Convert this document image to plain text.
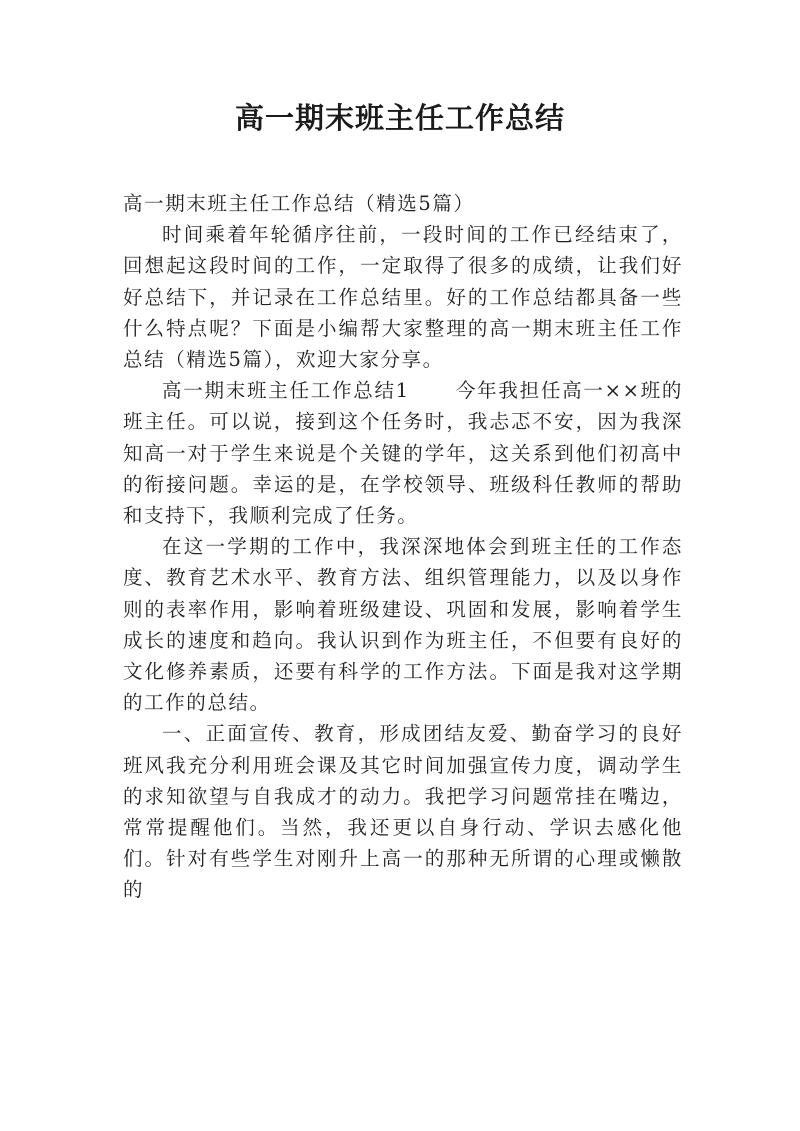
高一期末班主任工作总结

高一期末班主任工作总结（精选5篇）

时间乘着年轮循序往前，一段时间的工作已经结束了，回想起这段时间的工作，一定取得了很多的成绩，让我们好好总结下，并记录在工作总结里。好的工作总结都具备一些什么特点呢？下面是小编帮大家整理的高一期末班主任工作总结（精选5篇），欢迎大家分享。

高一期末班主任工作总结1 今年我担任高一××班的班主任。可以说，接到这个任务时，我忐忑不安，因为我深知高一对于学生来说是个关键的学年，这关系到他们初高中的衔接问题。幸运的是，在学校领导、班级科任教师的帮助和支持下，我顺利完成了任务。

在这一学期的工作中，我深深地体会到班主任的工作态度、教育艺术水平、教育方法、组织管理能力，以及以身作则的表率作用，影响着班级建设、巩固和发展，影响着学生成长的速度和趋向。我认识到作为班主任，不但要有良好的文化修养素质，还要有科学的工作方法。下面是我对这学期的工作的总结。

一、正面宣传、教育，形成团结友爱、勤奋学习的良好班风我充分利用班会课及其它时间加强宣传力度，调动学生的求知欲望与自我成才的动力。我把学习问题常挂在嘴边，常常提醒他们。当然，我还更以自身行动、学识去感化他们。针对有些学生对刚升上高一的那种无所谓的心理或懒散的
